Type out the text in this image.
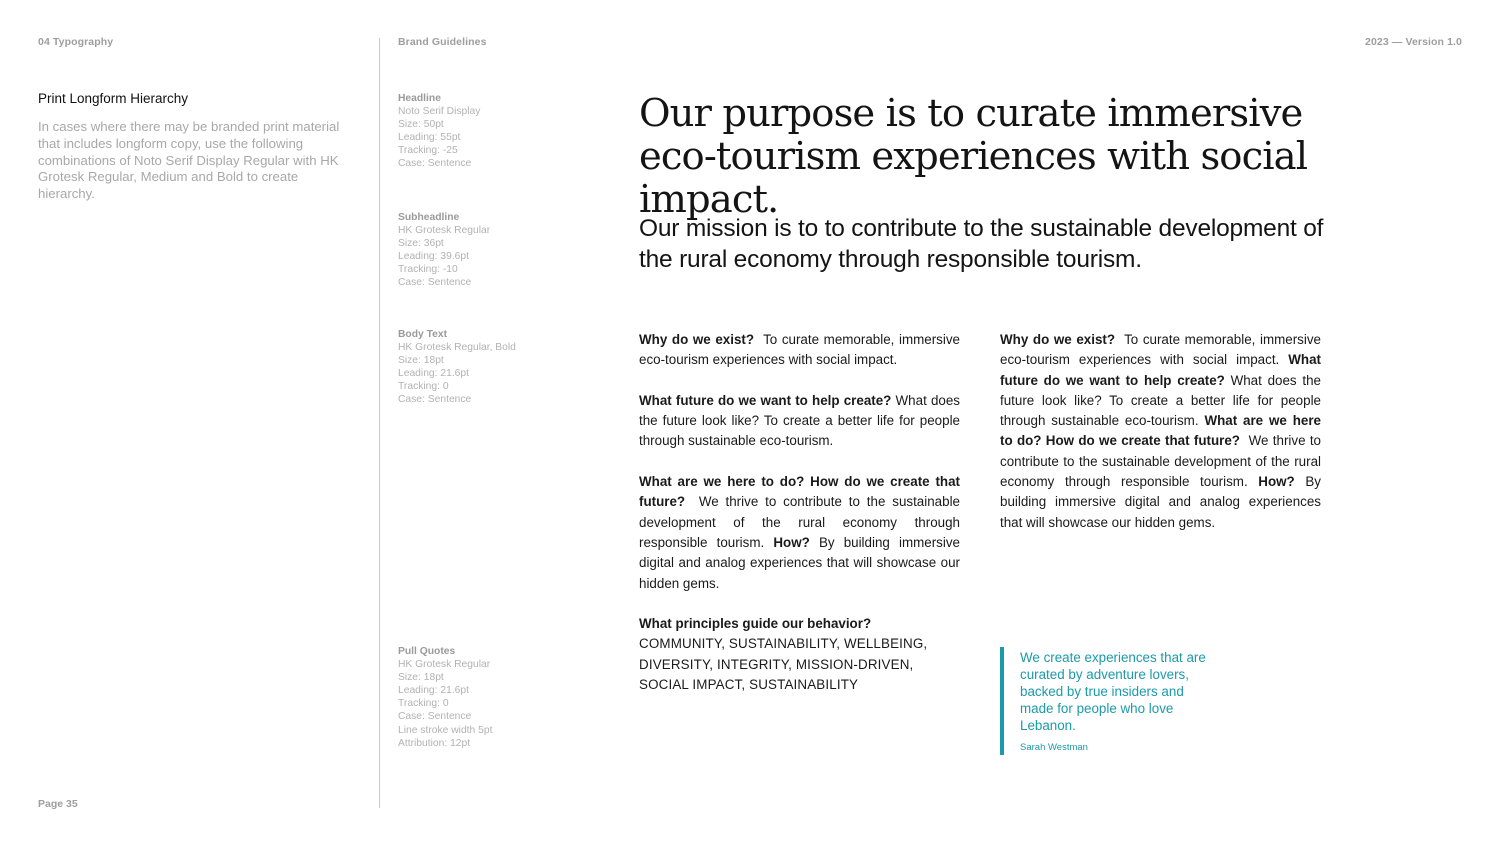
04 Typography	Brand Guidelines	2023 — Version 1.0
Print Longform Hierarchy
In cases where there may be branded print material that includes longform copy, use the following combinations of Noto Serif Display Regular with HK Grotesk Regular, Medium and Bold to create hierarchy.
Headline
Noto Serif Display
Size: 50pt
Leading: 55pt
Tracking: -25
Case: Sentence
Subheadline
HK Grotesk Regular
Size: 36pt
Leading: 39.6pt
Tracking: -10
Case: Sentence
Body Text
HK Grotesk Regular, Bold
Size: 18pt
Leading: 21.6pt
Tracking: 0
Case: Sentence
Pull Quotes
HK Grotesk Regular
Size: 18pt
Leading: 21.6pt
Tracking: 0
Case: Sentence
Line stroke width 5pt
Attribution: 12pt
Our purpose is to curate immersive eco-tourism experiences with social impact.
Our mission is to to contribute to the sustainable development of the rural economy through responsible tourism.

Why do we exist? To curate memorable, immersive eco-tourism experiences with social impact.

What future do we want to help create? What does the future look like? To create a better life for people through sustainable eco-tourism.

What are we here to do? How do we create that future? We thrive to contribute to the sustainable development of the rural economy through responsible tourism. How? By building immersive digital and analog experiences that will showcase our hidden gems.

What principles guide our behavior?
COMMUNITY, SUSTAINABILITY, WELLBEING, DIVERSITY, INTEGRITY, MISSION-DRIVEN, SOCIAL IMPACT, SUSTAINABILITY

Why do we exist? To curate memorable, immersive eco-tourism experiences with social impact. What future do we want to help create? What does the future look like? To create a better life for people through sustainable eco-tourism. What are we here to do? How do we create that future? We thrive to contribute to the sustainable development of the rural economy through responsible tourism. How? By building immersive digital and analog experiences that will showcase our hidden gems.

We create experiences that are curated by adventure lovers, backed by true insiders and made for people who love Lebanon.
Sarah Westman
Page 35
